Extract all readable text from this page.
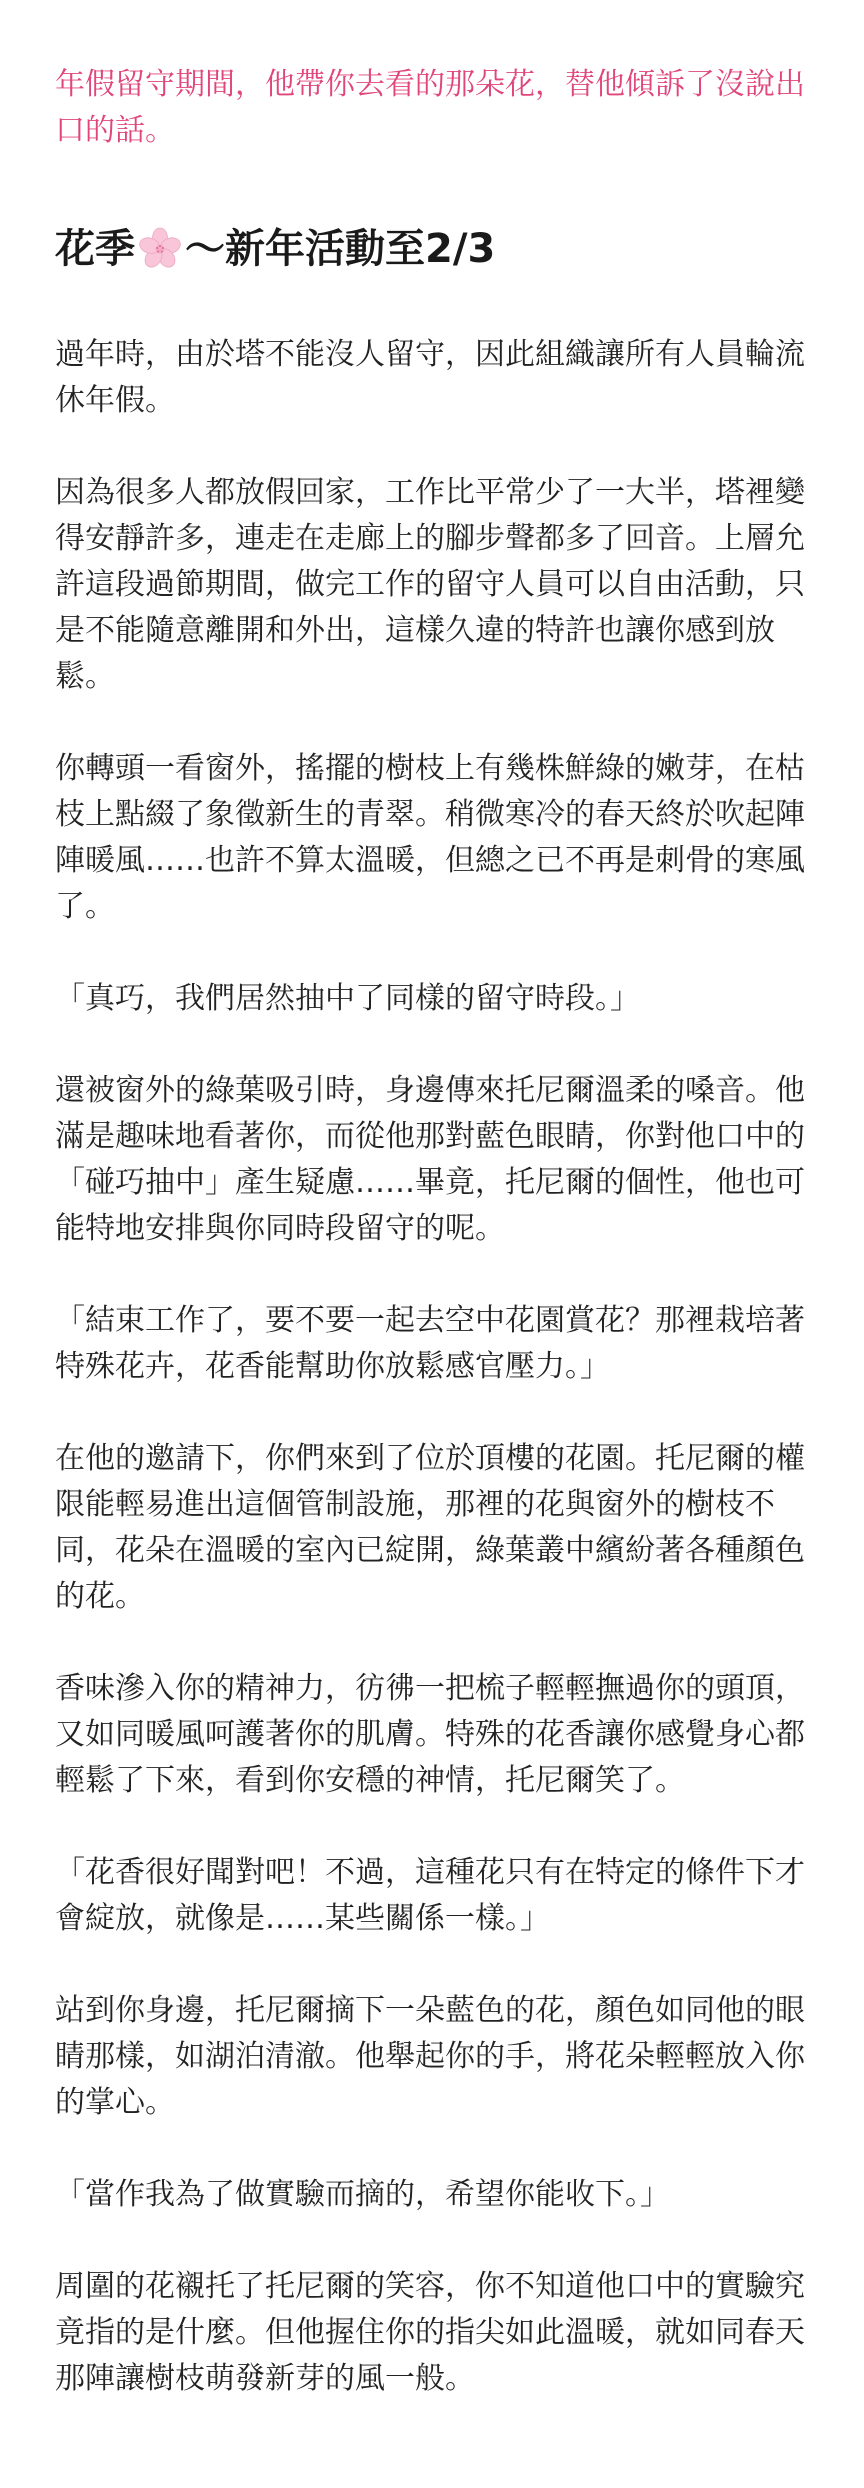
年假留守期間，他帶你去看的那朵花，替他傾訴了沒說出口的話。

花季 ～新年活動至2/3

過年時，由於塔不能沒人留守，因此組織讓所有人員輪流休年假。

因為很多人都放假回家，工作比平常少了一大半，塔裡變得安靜許多，連走在走廊上的腳步聲都多了回音。上層允許這段過節期間，做完工作的留守人員可以自由活動，只是不能隨意離開和外出，這樣久違的特許也讓你感到放鬆。

你轉頭一看窗外，搖擺的樹枝上有幾株鮮綠的嫩芽，在枯枝上點綴了象徵新生的青翠。稍微寒冷的春天終於吹起陣陣暖風……也許不算太溫暖，但總之已不再是刺骨的寒風了。

「真巧，我們居然抽中了同樣的留守時段。」

還被窗外的綠葉吸引時，身邊傳來托尼爾溫柔的嗓音。他滿是趣味地看著你，而從他那對藍色眼睛，你對他口中的「碰巧抽中」產生疑慮……畢竟，托尼爾的個性，他也可能特地安排與你同時段留守的呢。

「結束工作了，要不要一起去空中花園賞花？那裡栽培著特殊花卉，花香能幫助你放鬆感官壓力。」

在他的邀請下，你們來到了位於頂樓的花園。托尼爾的權限能輕易進出這個管制設施，那裡的花與窗外的樹枝不同，花朵在溫暖的室內已綻開，綠葉叢中繽紛著各種顏色的花。

香味滲入你的精神力，彷彿一把梳子輕輕撫過你的頭頂，又如同暖風呵護著你的肌膚。特殊的花香讓你感覺身心都輕鬆了下來，看到你安穩的神情，托尼爾笑了。

「花香很好聞對吧！不過，這種花只有在特定的條件下才會綻放，就像是……某些關係一樣。」

站到你身邊，托尼爾摘下一朵藍色的花，顏色如同他的眼睛那樣，如湖泊清澈。他舉起你的手，將花朵輕輕放入你的掌心。

「當作我為了做實驗而摘的，希望你能收下。」

周圍的花襯托了托尼爾的笑容，你不知道他口中的實驗究竟指的是什麼。但他握住你的指尖如此溫暖，就如同春天那陣讓樹枝萌發新芽的風一般。
